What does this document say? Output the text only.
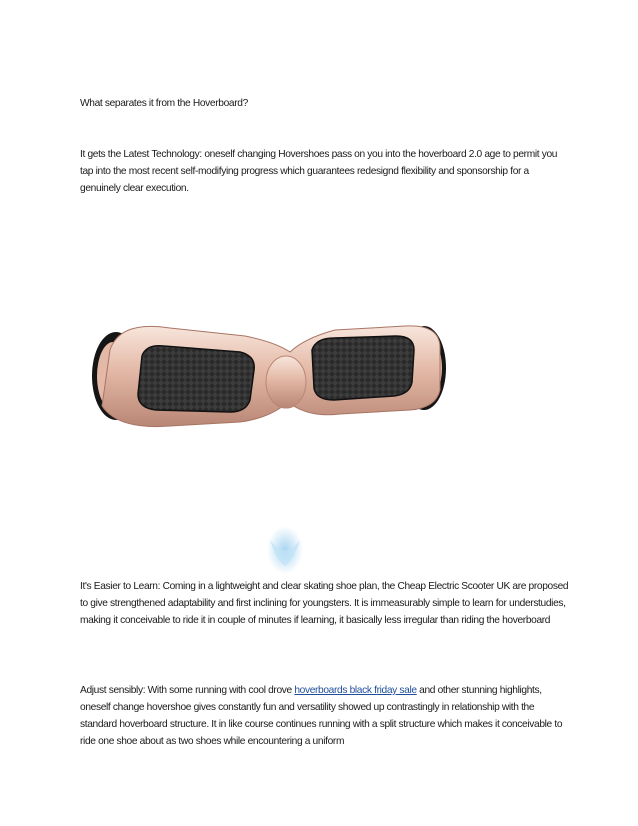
What separates it from the Hoverboard?

It gets the Latest Technology: oneself changing Hovershoes pass on you into the hoverboard 2.0 age to permit you tap into the most recent self-modifying progress which guarantees redesignd flexibility and sponsorship for a genuinely clear execution.

It's Easier to Learn: Coming in a lightweight and clear skating shoe plan, the Cheap Electric Scooter UK are proposed to give strengthened adaptability and first inclining for youngsters. It is immeasurably simple to learn for understudies, making it conceivable to ride it in couple of minutes if learning, it basically less irregular than riding the hoverboard

Adjust sensibly: With some running with cool drove hoverboards black friday sale and other stunning highlights, oneself change hovershoe gives constantly fun and versatility showed up contrastingly in relationship with the standard hoverboard structure. It in like course continues running with a split structure which makes it conceivable to ride one shoe about as two shoes while encountering a uniform
